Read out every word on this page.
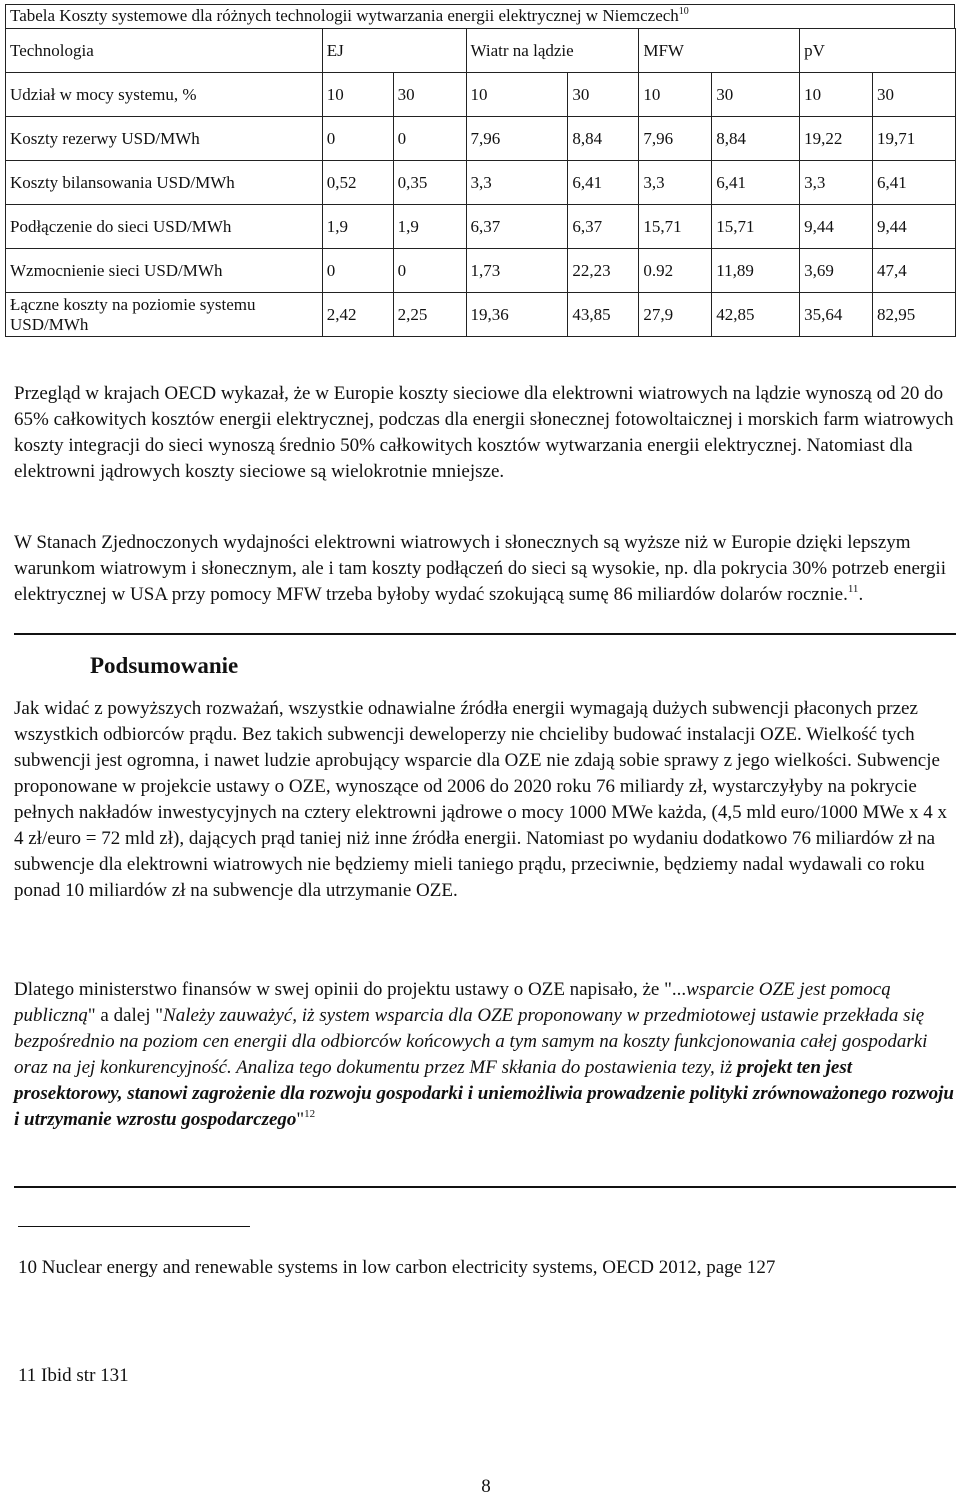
Tabela Koszty systemowe dla różnych technologii wytwarzania energii elektrycznej w Niemczech$^{10}$
Technologia	EJ		Wiatr na lądzie		MFW		pV	
Udział w mocy systemu, %	10	30	10	30	10	30	10	30
Koszty rezerwy USD/MWh	0	0	7,96	8,84	7,96	8,84	19,22	19,71
Koszty bilansowania USD/MWh	0,52	0,35	3,3	6,41	3,3	6,41	3,3	6,41
Podłączenie do sieci USD/MWh	1,9	1,9	6,37	6,37	15,71	15,71	9,44	9,44
Wzmocnienie sieci USD/MWh	0	0	1,73	22,23	0.92	11,89	3,69	47,4
Łączne koszty na poziomie systemu USD/MWh	2,42	2,25	19,36	43,85	27,9	42,85	35,64	82,95

Przegląd w krajach OECD wykazał, że w Europie koszty sieciowe dla elektrowni wiatrowych na lądzie wynoszą od 20 do 65% całkowitych kosztów energii elektrycznej, podczas dla energii słonecznej fotowoltaicznej i morskich farm wiatrowych koszty integracji do sieci wynoszą średnio 50% całkowitych kosztów wytwarzania energii elektrycznej. Natomiast dla elektrowni jądrowych koszty sieciowe są wielokrotnie mniejsze.

W Stanach Zjednoczonych wydajności elektrowni wiatrowych i słonecznych są wyższe niż w Europie dzięki lepszym warunkom wiatrowym i słonecznym, ale i tam koszty podłączeń do sieci są wysokie, np. dla pokrycia 30% potrzeb energii elektrycznej w USA przy pomocy MFW trzeba byłoby wydać szokującą sumę 86 miliardów dolarów rocznie.$^{11}$.

Podsumowanie

Jak widać z powyższych rozważań, wszystkie odnawialne źródła energii wymagają dużych subwencji płaconych przez wszystkich odbiorców prądu. Bez takich subwencji deweloperzy nie chcieliby budować instalacji OZE. Wielkość tych subwencji jest ogromna, i nawet ludzie aprobujący wsparcie dla OZE nie zdają sobie sprawy z jego wielkości. Subwencje proponowane w projekcie ustawy o OZE, wynoszące od 2006 do 2020 roku 76 miliardy zł, wystarczyłyby na pokrycie pełnych nakładów inwestycyjnych na cztery elektrowni jądrowe o mocy 1000 MWe każda, (4,5 mld euro/1000 MWe x 4 x 4 zł/euro = 72 mld zł), dających prąd taniej niż inne źródła energii. Natomiast po wydaniu dodatkowo 76 miliardów zł na subwencje dla elektrowni wiatrowych nie będziemy mieli taniego prądu, przeciwnie, będziemy nadal wydawali co roku ponad 10 miliardów zł na subwencje dla utrzymanie OZE.

Dlatego ministerstwo finansów w swej opinii do projektu ustawy o OZE napisało, że "...wsparcie OZE jest pomocą publiczną" a dalej "Należy zauważyć, iż system wsparcia dla OZE proponowany w przedmiotowej ustawie przekłada się bezpośrednio na poziom cen energii dla odbiorców końcowych a tym samym na koszty funkcjonowania całej gospodarki oraz na jej konkurencyjność. Analiza tego dokumentu przez MF skłania do postawienia tezy, iż projekt ten jest prosektorowy, stanowi zagrożenie dla rozwoju gospodarki i uniemożliwia prowadzenie polityki zrównoważonego rozwoju i utrzymanie wzrostu gospodarczego"$^{12}$

10 Nuclear energy and renewable systems in low carbon electricity systems, OECD 2012, page 127
11 Ibid str 131
8
